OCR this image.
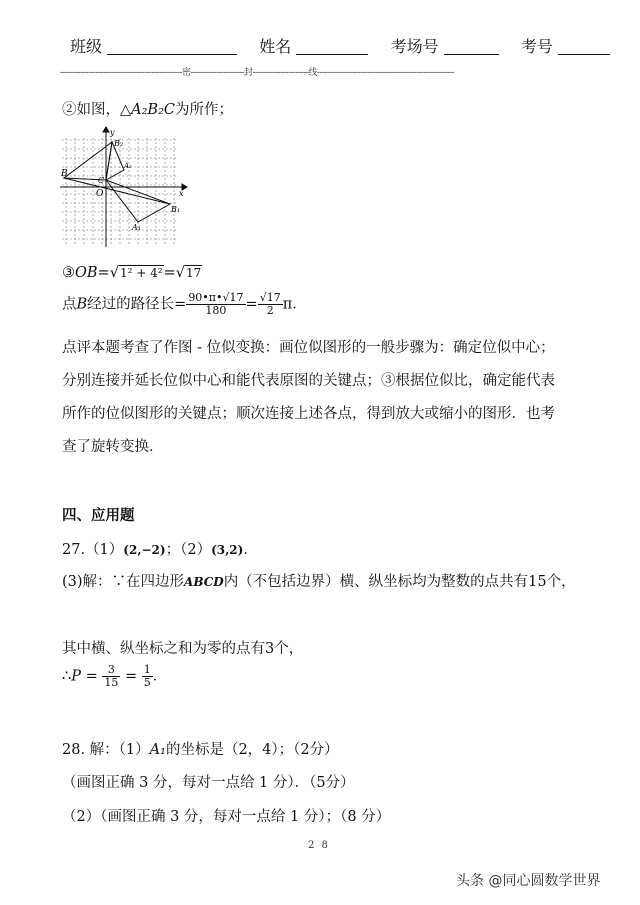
班级	姓名	考场号	考号
------------------------------------------------密---------------------封----------------------线------------------------------------------------------
②如图，△A₂B₂C为所作；
B
B₂
C
O
A₁
B₁
A₂
y
x
③OB=√1² + 4²=√17
点B经过的路径长= $\frac{90•\pi•√17}{180} = \frac{√17}{2}$ π．
点评本题考查了作图 - 位似变换：画位似图形的一般步骤为：确定位似中心；
分别连接并延长位似中心和能代表原图的关键点；③根据位似比，确定能代表
所作的位似图形的关键点；顺次连接上述各点，得到放大或缩小的图形．也考
查了旋转变换．
四、应用题
27.（1）(2,−2)；（2）(3,2)．
(3)解：∵在四边形ABCD内（不包括边界）横、纵坐标均为整数的点共有15个，
其中横、纵坐标之和为零的点有3个，
∴P = $\frac{3}{15} = \frac{1}{5}$ ．
28. 解：（1）A₁的坐标是（2，4）；（2分）
（画图正确 3 分，每对一点给 1 分）．（5分）
（2）（画图正确 3 分，每对一点给 1 分）；（8 分）
2 8
头条 @同心圆数学世界
